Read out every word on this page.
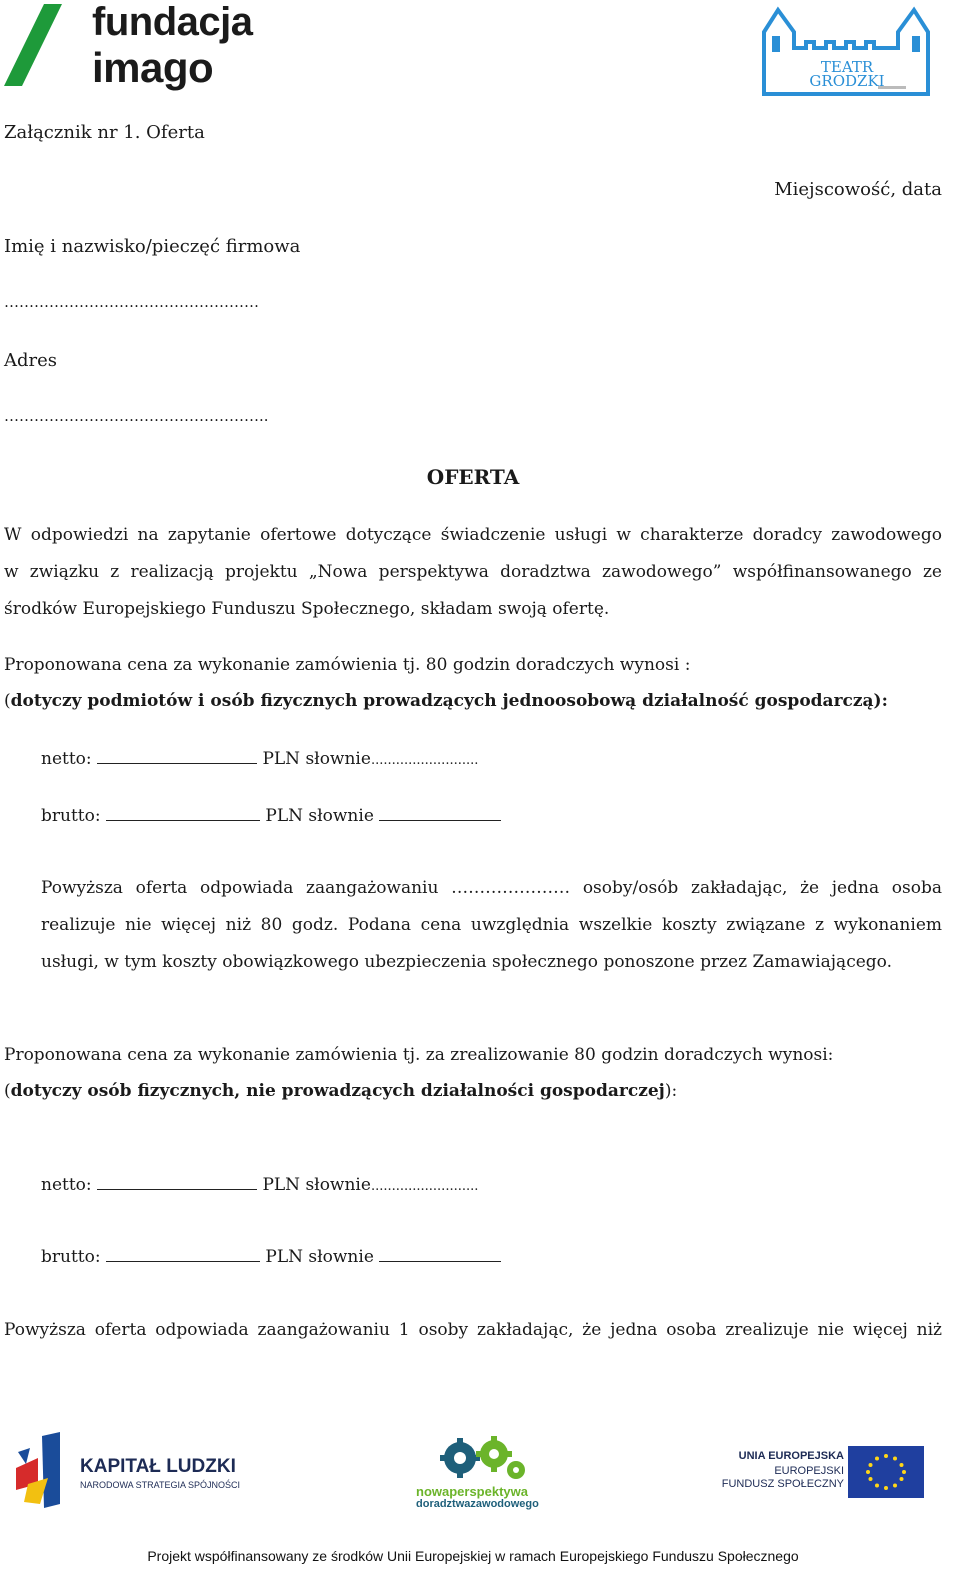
fundacja
imago	TEATR
GRODZKI
Załącznik nr 1. Oferta
Miejscowość, data
Imię i nazwisko/pieczęć firmowa
……………………………………………
Adres
……………………………………………..
OFERTA
W odpowiedzi na zapytanie ofertowe dotyczące świadczenie usługi w charakterze doradcy zawodowego
w związku z realizacją projektu „Nowa perspektywa doradztwa zawodowego” współfinansowanego ze
środków Europejskiego Funduszu Społecznego, składam swoją ofertę.
Proponowana cena za wykonanie zamówienia tj. 80 godzin doradczych wynosi :
(dotyczy podmiotów i osób fizycznych prowadzących jednoosobową działalność gospodarczą):
netto:	PLN słownie..........................
brutto:	PLN słownie
Powyższa oferta odpowiada zaangażowaniu ………………… osoby/osób zakładając, że jedna osoba
realizuje nie więcej niż 80 godz. Podana cena uwzględnia wszelkie koszty związane z wykonaniem
usługi, w tym koszty obowiązkowego ubezpieczenia społecznego ponoszone przez Zamawiającego.
Proponowana cena za wykonanie zamówienia tj. za zrealizowanie 80 godzin doradczych wynosi:
(dotyczy osób fizycznych, nie prowadzących działalności gospodarczej):
netto:	PLN słownie..........................
brutto:	PLN słownie
Powyższa oferta odpowiada zaangażowaniu 1 osoby zakładając, że jedna osoba zrealizuje nie więcej niż
KAPITAŁ LUDZKI
NARODOWA STRATEGIA SPÓJNOŚCI	nowaperspektywa
doradztwazawodowego
UNIA EUROPEJSKA
EUROPEJSKI
FUNDUSZ SPOŁECZNY
Projekt współfinansowany ze środków Unii Europejskiej w ramach Europejskiego Funduszu Społecznego
